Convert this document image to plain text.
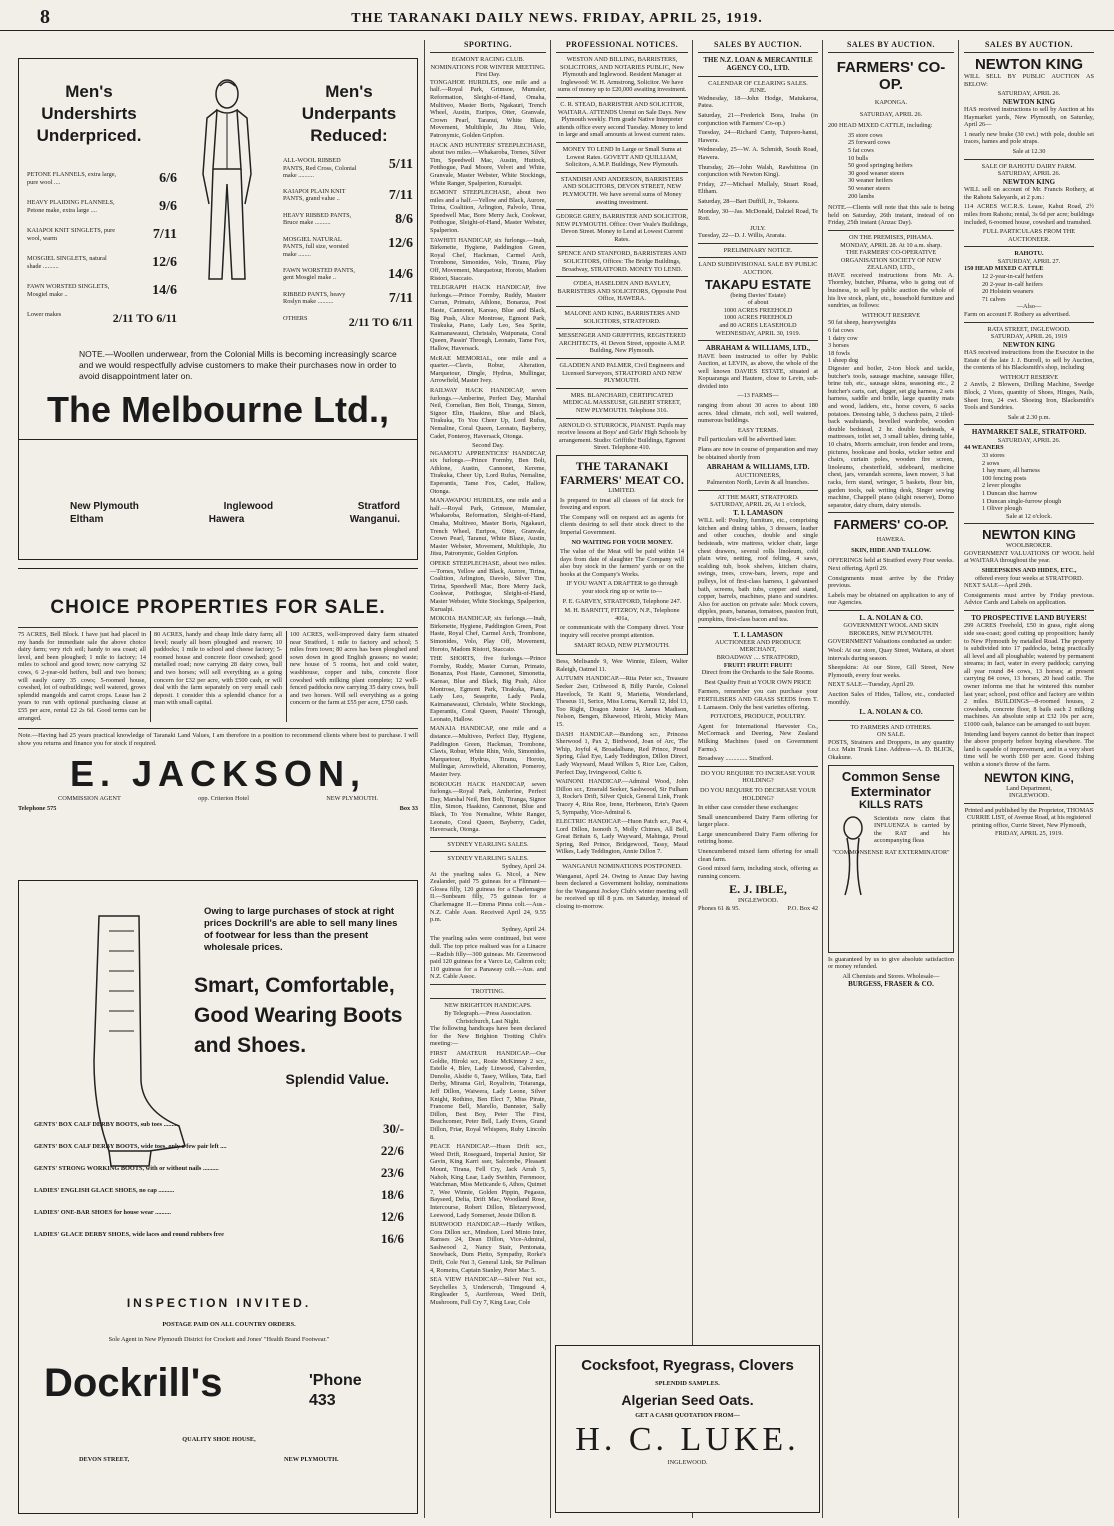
8	THE TARANAKI DAILY NEWS. FRIDAY, APRIL 25, 1919.
Men's Undershirts Underpriced.
Men's Underpants Reduced:
PETONE FLANNELS, extra large, pure wool ....	6/6
HEAVY PLAIDING FLANNELS, Petone make, extra large ....	9/6
KAIAPOI KNIT SINGLETS, pure wool, warm	7/11
MOSGIEL SINGLETS, natural shade ..........	12/6
FAWN WORSTED SINGLETS, Mosgiel make ..	14/6
Lower makes	2/11 TO 6/11
ALL-WOOL RIBBED PANTS, Red Cross, Colonial make ..........
5/11
KAIAPOI PLAIN KNIT PANTS, grand value ..	7/11
HEAVY RIBBED PANTS, Bruce make ..........	8/6
MOSGIEL NATURAL PANTS, full size, worsted make ........
12/6
FAWN WORSTED PANTS, gent Mosgiel make ..	14/6
RIBBED PANTS, heavy Roslyn make ..........	7/11
OTHERS	2/11 TO 6/11
NOTE.—Woollen underwear, from the Colonial Mills is becoming increasingly scarce and we would respectfully advise customers to make their purchases now in order to avoid disappointment later on.
The Melbourne Ltd.,
New Plymouth	Inglewood	Stratford
Eltham	Hawera	Wanganui.
CHOICE PROPERTIES FOR SALE.

75 ACRES, Bell Block. I have just had placed in my hands for immediate sale the above choice dairy farm; very rich soil; handy to sea coast; all level, and been ploughed; 1 mile to factory; 14 miles to school and good town; now carrying 32 cows, 6 2-year-old heifers, bull and two horses; will easily carry 35 cows; 5-roomed house, cowshed, lot of outbuildings; well watered, grows splendid mangolds and carrot crops. Lease has 2 years to run with optional purchasing clause at £55 per acre, rental £2 2s 6d. Good terms can be arranged.

80 ACRES, handy and cheap little dairy farm; all level; nearly all been ploughed and resown; 10 paddocks; 1 mile to school and cheese factory; 5-roomed house and concrete floor cowshed; good metalled road; now carrying 28 dairy cows, bull and two horses; will sell everything as a going concern for £32 per acre, with £500 cash, or will deal with the farm separately on very small cash deposit. I consider this a splendid chance for a man with small capital.

100 ACRES, well-improved dairy farm situated near Stratford, 1 mile to factory and school; 5 miles from town; 80 acres has been ploughed and sown down in good English grasses; no waste; new house of 5 rooms, hot and cold water, washhouse, copper and tubs, concrete floor cowshed with milking plant complete; 12 well-fenced paddocks now carrying 35 dairy cows, bull and two horses. Will sell everything as a going concern or the farm at £55 per acre, £750 cash.

Note.—Having had 25 years practical knowledge of Taranaki Land Values, I am therefore in a position to recommend clients where best to purchase. I will show you returns and finance you for stock if required.

E. JACKSON,
COMMISSION AGENT	opp. Criterion Hotel	NEW PLYMOUTH.
Telephone 575	Box 33
Owing to large purchases of stock at right prices Dockrill's are able to sell many lines of footwear for less than the present wholesale prices.
Smart, Comfortable, Good Wearing Boots and Shoes.
Splendid Value.
GENTS' BOX CALF DERBY BOOTS, sub toes ..........	30/-
GENTS' BOX CALF DERBY BOOTS, wide toes, only a few pair left ....	22/6
GENTS' STRONG WORKING BOOTS, with or without nails ..........	23/6
LADIES' ENGLISH GLACE SHOES, no cap ..........	18/6
LADIES' ONE-BAR SHOES for house wear ..........	12/6
LADIES' GLACE DERBY SHOES, wide laces and round rubbers free	16/6
INSPECTION INVITED.
POSTAGE PAID ON ALL COUNTRY ORDERS.
Sole Agent in New Plymouth District for Crockett and Jones' "Health Brand Footwear."
Dockrill's	'Phone 433
QUALITY SHOE HOUSE,
DEVON STREET,	NEW PLYMOUTH.
SPORTING.
EGMONT RACING CLUB.
NOMINATIONS FOR WINTER MEETING.
First Day.

TONGAHOE HURDLES, one mile and a half.—Royal Park, Grimsoe, Mumsler, Reformation, Sleight-of-Hand, Omaha, Multiveo, Master Boris, Ngakauri, Trench Wheel, Austin, Euripos, Otter, Granvale, Crown Pearl, Taranui, White Blaze, Movement, Multihiple, Jiu Jitsu, Velo, Patronymic, Golden Gripfon.

HACK AND HUNTERS' STEEPLECHASE, about two miles.—Whakaroba, Tornes, Silver Tim, Speedwell Mac, Austin, Huttock, Potthogue, Paul Moore, Velvet and White, Granvale, Master Webster, White Stockings, White Ranger, Spalperion, Kurualpi.

EGMONT STEEPLECHASE, about two miles and a half.—Yellow and Black, Aurore, Tirina, Coalition, Arlington, Palvolo, Tirua, Speedwell Mac, Bore Merry Jack, Cookwar, Potthogue, Sleight-of-Hand, Master Webster, Spalperion.

TAWHITI HANDICAP, six furlongs.—Inah, Birkenette, Hygiene, Paddington Green, Royal Chef, Hackman, Carmel Arch, Trombone, Simonides, Volo, Tiranu, Play Off, Movement, Marquetour, Horoto, Madom Ristori, Staccato.

TELEGRAPH HACK HANDICAP, five furlongs.—Prince Formby, Ruddy, Masterr Curran, Primato, Athlone, Bonanza, Post Haste, Cannonet, Kareao, Blue and Black, Big Push, Alice Montrose, Egmont Park, Tirakuka, Piano, Lady Leo, Sea Sprite, Kaimanawauui, Christalo, Waipunata, Coral Queen, Passin' Through, Leonato, Tame Fox, Hallow, Haversack.

McRAE MEMORIAL, one mile and a quarter.—Clavis, Robur, Alteration, Marquetour, Dingle, Hydrus, Mullingar, Arrowfield, Master Ivey.

RAILWAY HACK HANDICAP, seven furlongs.—Amberine, Perfect Day, Marshal Neil, Cornelian, Ben Bolt, Tiranga, Simon, Signor Elin, Haakino, Blue and Black, Tirakuka, To You Cheer Up, Lord Rufus, Nemaline, Coral Queen, Leonato, Bayberry, Cadet, Fonteroy, Haversack, Otonga.

Second Day.

NGAMOTU APPRENTICES' HANDICAP, six furlongs.—Prince Formby, Ben Bolt, Athlone, Austin, Cannonet, Kereme, Tirakuka, Cheer Up, Lord Rufus, Nemaline, Esperantis, Tame Fox, Cadet, Hallow, Otonga.

MANAWAPOU HURDLES, one mile and a half.—Royal Park, Grimsoe, Mumsler, Whakaroba, Reformation, Sleight-of-Hand, Omaha, Multiveo, Master Boris, Ngakauri, Trench Wheel, Euripos, Otter, Granvale, Crown Pearl, Taranui, White Blaze, Austin, Master Webster, Movement, Multihiple, Jiu Jitsu, Patronymic, Golden Gripfon.

OPEKE STEEPLECHASE, about two miles.—Tornes, Yellow and Black, Aurore, Tirina, Coalition, Arlington, Davolo, Silver Tim, Tirina, Speedwell Mac, Bore Merry Jack, Cookwar, Potthogue, Sleight-of-Hand, Master Webster, White Stockings, Spalperion, Kurualpi.

MOKOIA HANDICAP, six furlongs.—Inah, Birkenette, Hygiene, Paddington Green, Post Haste, Royal Chef, Carmel Arch, Trombone, Simonides, Volo, Play Off, Movement, Horoto, Madom Ristori, Staccato.

THE SHORTS, five furlongs.—Prince Formby, Ruddy, Master Curran, Primato, Bonanza, Post Haste, Cannonet, Simonetta, Kareao, Blue and Black, Big Push, Alice Montrose, Egmont Park, Tirakuka, Piano, Lady Leo, Seasprite, Lady Paula, Kaimanawauui, Christalo, White Stockings, Esperantis, Coral Queen, Passin' Through, Leonato, Hallow.

MANAIA HANDICAP, one mile and a distance.—Multiveo, Perfect Day, Hygiene, Paddington Green, Hackman, Trombone, Clavis, Robur, White Rhin, Volo, Simonides, Marquetour, Hydrus, Tiranu, Horoto, Mullingar, Arrowfield, Alteration, Pomeroy, Master Ivey.

BOROUGH HACK HANDICAP, seven furlongs.—Royal Park, Amberine, Perfect Day, Marshal Neil, Ben Bolt, Tiranga, Signor Elin, Simon, Haakino, Cannonet, Blue and Black, To You Nemaline, White Ranger, Leonato, Coral Queen, Bayberry, Cadet, Haversack, Otonga.

SYDNEY YEARLING SALES.
SYDNEY YEARLING SALES.
Sydney, April 24.

At the yearling sales G. Nicol, a New Zealander, paid 75 guineas for a Flinnant—Glosea filly, 120 guineas for a Charlemagne II.—Sunbeam filly, 75 guineas for a Charlemagne II.—Emma Pinna colt.—Aus.-N.Z. Cable Assn. Received April 24, 9.55 p.m.

Sydney, April 24.

The yearling sales were continued, but were dull. The top price realised was for a Linacre—Radish filly—300 guineas. Mr. Greenwood paid 120 guineas for a Varco Le, Caltron colt; 110 guineas for a Panaway colt.—Aus. and N.Z. Cable Assoc.

TROTTING.
NEW BRIGHTON HANDICAPS.
By Telegraph.—Press Association. Christchurch, Last Night.

The following handicaps have been declared for the New Brighton Trotting Club's meeting:—

FIRST AMATEUR HANDICAP.—Our Goldie, Hiroki scr., Rosie McKinney 2 scr., Estelle 4, Blev, Lady Linwood, Calverden, Dunolie, Alsidie 6, Tasey, Wilkes, Tata, Earl Derby, Mirama Girl, Royalivin, Totaranga, Jeff Dillon, Waiwera, Lady Leone, Silver Knight, Rothino, Ben Elect 7, Miss Pirate, Francene Bell, Marello, Bannster, Sally Dillon, Best Boy, Peter The First, Beachcomer, Peter Bell, Lady Evers, Grand Dillon, Friar, Royal Whispers, Ruby Lincoln 8.

PEACE HANDICAP.—Huon Drift scr., Weed Drift, Roseguard, Imperial Junior, Sir Gavin, King Karri sser, Salcombe, Pleasant Mount, Tirana, Fell Cry, Jack Arrah 5, Nahoh, King Lear, Lady Swithin, Fernmoor, Watchman, Miss Meticande 6, Athos, Quimet 7, Wee Winnie, Golden Pippin, Pegasus, Bayseed, Delta, Drift Mac, Woodland Rose, Intercourse, Robert Dillon, Bletzerywood, Leewood, Lady Somerset, Jessie Dillon 8.

BURWOOD HANDICAP.—Hardy Wilkes, Cora Dillon scr., Mindson, Lord Minto Inter, Ramses 24, Dean Dillon, Vice-Admiral, Sashwood 2, Nancy Stair, Pentonata, Snowback, Dum Pietto, Sympathy, Rorke's Drift, Cole Nut 3, General Link, Sir Pullman 4, Romeira, Captain Stanley, Peter Mac 5.

SEA VIEW HANDICAP.—Silver Nut scr., Seychelles 3, Underscrub, Timgound 4, Ringleader 5, Auriferous, Weed Drift, Mushroom, Full Cry 7, King Lear, Cole

PROFESSIONAL NOTICES.

WESTON AND BILLING, BARRISTERS, SOLICITORS, AND NOTARIES PUBLIC, New Plymouth and Inglewood. Resident Manager at Inglewood: W. H. Armstrong, Solicitor. We have sums of money up to £20,000 awaiting investment.

C. R. STEAD, BARRISTER AND SOLICITOR, WAITARA. ATTENDS Urenui on Sale Days. New Plymouth weekly. Firm grade Native Interpreter attends office every second Tuesday. Money to lend in large and small amounts at lowest current rates.

MONEY TO LEND In Large or Small Sums at Lowest Rates. GOVETT AND QUILLIAM, Solicitors, A.M.P. Buildings, New Plymouth.

STANDISH AND ANDERSON, BARRISTERS AND SOLICITORS, DEVON STREET, NEW PLYMOUTH. We have several sums of Money awaiting investment.

GEORGE GREY, BARRISTER AND SOLICITOR, NEW PLYMOUTH. Office: Over Veale's Buildings, Devon Street. Money to Lend at Lowest Current Rates.

SPENCE AND STANFORD, BARRISTERS AND SOLICITORS, Offices: The Bridge Buildings, Broadway, STRATFORD. MONEY TO LEND.

O'DEA, HASELDEN AND BAYLEY, BARRISTERS AND SOLICITORS, Opposite Post Office, HAWERA.

MALONE AND KING, BARRISTERS AND SOLICITORS, STRATFORD.

MESSENGER AND GRIFFITHS, REGISTERED ARCHITECTS, 41 Devon Street, opposite A.M.P. Building, New Plymouth.

GLADDEN AND PALMER, Civil Engineers and Licensed Surveyors, STRATFORD AND NEW PLYMOUTH.

MRS. BLANCHARD, CERTIFICATED MEDICAL MASSEUSE, GILBERT STREET, NEW PLYMOUTH. Telephone 316.

ARNOLD O. STURROCK, PIANIST. Pupils may receive lessons at Boys' and Girls' High Schools by arrangement. Studio: Griffiths' Buildings, Egmont Street. Telephone 410.

THE TARANAKI FARMERS' MEAT CO.

LIMITED.

Is prepared to treat all classes of fat stock for freezing and export.

The Company will on request act as agents for clients desiring to sell their stock direct to the Imperial Government.

NO WAITING FOR YOUR MONEY.

The value of the Meat will be paid within 14 days from date of slaughter The Company will also buy stock in the farmers' yards or on the hooks at the Company's Works.

IF YOU WANT A DRAFTER to go through your stock ring up or write to—

P. E. GARVEY, STRATFORD, Telephone 247.

M. H. BARNITT, FITZROY, N.P., Telephone 401a,

or communicate with the Company direct. Your inquiry will receive prompt attention.

SMART ROAD, NEW PLYMOUTH.

Bess, Melisande 9, Wee Winnie, Eileen, Walter Raleigh, Oatmel 11.

AUTUMN HANDICAP.—Rita Peter scr., Treasure Seeker 2ser, Crihwood 8, Billy Parole, Colonel Havelock, Te Kaiti 9, Marietta, Wonderland, Theseus 11, Serice, Miss Lorna, Kerrall 12, Idol 13, Too Right, Dragon Junior 14, James Madison, Nelson, Bengen, Bluewood, Hirohi, Micky Mars 15.

DASH HANDICAP.—Bundong scr., Princess Sherwood 1, Pax 2, Birdwood, Joan of Arc, The Whip, Joyful 4, Broadalbane, Red Prince, Proud Spring, Glad Eye, Lady Teddington, Dillon Direct, Lady Wayward, Maud Wilkes 5, Rice Lee, Calton, Perfect Day, Irvingwood, Celtic 6.

WAINONI HANDICAP.—Admiral Wood, John Dillon scr., Emerald Seeker, Sashwood, Sir Fulham 3, Rocke's Drift, Silver Quick, General Link, Frank Tracey 4, Rita Roe, Irene, Herbneon, Erin's Queen 5, Sympathy, Vice-Admiral 6.

ELECTRIC HANDICAP.—Huon Patch scr., Pax 4, Lord Dillon, Isonoth 5, Molly Chimes, All Bell, Great Britain 6, Lady Wayward, Mahinga, Proud Spring, Red Prince, Bridgewood, Tassy, Maud Wilkes, Lady Teddington, Annie Dillon 7.

WANGANUI NOMINATIONS POSTPONED.

Wanganui, April 24. Owing to Anzac Day having been declared a Government holiday, nominations for the Wanganui Jockey Club's winter meeting will be received up till 8 p.m. on Saturday, instead of closing to-morrow.

SALES BY AUCTION.
THE N.Z. LOAN & MERCANTILE AGENCY CO., LTD.
CALENDAR OF CLEARING SALES.
JUNE.

Wednesday, 18—John Hodge, Matukaroa, Patea.

Saturday, 21—Frederick Bora, Inaha (in conjunction with Farmers' Co-op.)

Tuesday, 24—Richard Canty, Tuiporo-hanui, Hawera.

Wednesday, 25—W. A. Schmidt, South Road, Hawera.

Thursday, 26—John Walsh, Rawhitiroa (in conjunction with Newton King).

Friday, 27—Michael Mullaly, Stuart Road, Eltham.

Saturday, 28—Bart Duffill, Jr., Tokaora.

Monday, 30—Jas. McDonald, Dalziel Road, Te Roti.

JULY.

Tuesday, 22—D. J. Willis, Ararata.

PRELIMINARY NOTICE.
LAND SUBDIVISIONAL SALE BY PUBLIC AUCTION.
TAKAPU ESTATE
(being Davies' Estate)
of about
1000 ACRES FREEHOLD
1000 ACRES FREEHOLD
and 80 ACRES LEASEHOLD
WEDNESDAY, APRIL 30, 1919.
ABRAHAM & WILLIAMS, LTD.,

HAVE been instructed to offer by Public Auction, at LEVIN, as above, the whole of the well known DAVIES ESTATE, situated at Kopuaranga and Hautere, close to Levin, sub-divided into

—13 FARMS—

ranging from about 30 acres to about 180 acres. Ideal climate, rich soil, well watered, numerous buildings.

EASY TERMS.

Full particulars will be advertised later.

Plans are now in course of preparation and may be obtained shortly from

ABRAHAM & WILLIAMS, LTD.
AUCTIONEERS,
Palmerston North, Levin & all branches.
AT THE MART, STRATFORD.
SATURDAY, APRIL 26, At 1 o'clock,
T. I. LAMASON

WILL sell: Poultry, furniture, etc., comprising kitchen and dining tables, 3 dressers, leather and other couches, double and single bedsteads, wire mattress, wicker chair, large chest drawers, several rolls linoleum, cold plain wire, netting, roof felting, 4 saws, scalding tub, book shelves, kitchen chairs, swings, trees, crow-bars, levers, rope and pulleys, lot of first-class harness, 1 galvanised bath, screens, bath tubs, copper and stand, copper, barrels, machines, piano and sundries. Also for auction on private sale: Mock covers, dipples, pears, bananas, tomatoes, passion fruit, pumpkins, first-class bacon and tea.

T. I. LAMASON
AUCTIONEER AND PRODUCE MERCHANT,
BROADWAY .... STRATFORD,
FRUIT! FRUIT! FRUIT!

Direct from the Orchards to the Sale Rooms.

Best Quality Fruit at YOUR OWN PRICE

Farmers, remember you can purchase your FERTILISERS AND GRASS SEEDS from T. I. Lamason. Only the best varieties offering.

POTATOES, PRODUCE, POULTRY.

Agent for International Harvester Co., McCormack and Deering, New Zealand Milking Machines (used on Government Farms).

Broadway .............. Stratford.

DO YOU REQUIRE TO INCREASE YOUR HOLDING?

DO YOU REQUIRE TO DECREASE YOUR HOLDING?

In either case consider these exchanges:

Small unencumbered Dairy Farm offering for larger place.

Large unencumbered Dairy Farm offering for retiring home.

Unencumbered mixed farm offering for small clean farm.

Good mixed farm, including stock, offering as running concern.

E. J. IBLE,
INGLEWOOD.
Phones 61 & 95.	P.O. Box 42
Cocksfoot, Ryegrass, Clovers
SPLENDID SAMPLES.
Algerian Seed Oats.
GET A CASH QUOTATION FROM—
H. C. LUKE.
INGLEWOOD.
SALES BY AUCTION.
FARMERS' CO-OP.
KAPONGA.
SATURDAY, APRIL 26.

200 HEAD MIXED CATTLE, including:

35 store cows
25 forward cows
5 fat cows
10 bulls
50 good springing heifers
30 good weaner steers
30 weaner heifers
50 weaner steers
200 lambs

NOTE.—Clients will note that this sale is being held on Saturday, 26th instant, instead of on Friday, 25th instant (Anzac Day).

ON THE PREMISES, PIHAMA.
MONDAY, APRIL 28. At 10 a.m. sharp.
THE FARMERS' CO-OPERATIVE ORGANISATION SOCIETY OF NEW ZEALAND, LTD.,

HAVE received instructions from Mr. A. Thornley, butcher, Pihama, who is going out of business, to sell by public auction the whole of his live stock, plant, etc., household furniture and sundries, as follows:

WITHOUT RESERVE
50 fat sheep, heavyweights
6 fat cows
1 dairy cow
3 horses
18 fowls
1 sheep dog

Digester and boiler, 2-ton block and tackle, butcher's tools, sausage machine, sausage filler, brine tub, etc., sausage skins, seasoning etc., 2 butcher's carts, cart, digger, set gig harness, 2 sets harness, saddle and bridle, large quantity mats and wood, ladders, etc., horse covers, 6 sacks potatoes. Dressing table, 3 duchess pairs, 2 tiled-back washstands, bevelled wardrobe, wooden double bedstead, 2 hr. double bedsteads, 4 mattresses, toilet set, 3 small tables, dining table, 10 chairs, Morris armchair, iron fender and irons, pictures, bookcase and books, wicker settee and chairs, curtain poles, wooden fire screen, linoleums, chesterfield, sideboard, medicine chest, jars, verandah screens, lawn mower, 3 hat racks, fern stand, wringer, 5 baskets, flour bin, garden tools, oak writing desk, Singer sewing machine, Chappell piano (slight reserve), Domo separator, dairy churn, dairy utensils.

FARMERS' CO-OP.
HAWERA.
SKIN, HIDE AND TALLOW.

OFFERINGS held at Stratford every Four weeks. Next offering, April 29.

Consignments must arrive by the Friday previous.

Labels may be obtained on application to any of our Agencies.

L. A. NOLAN & CO.
GOVERNMENT WOOL AND SKIN BROKERS, NEW PLYMOUTH.

GOVERNMENT Valuations conducted as under:

Wool: At our store, Quay Street, Waitara, at short intervals during season.

Sheepskins: At our Store, Gill Street, New Plymouth, every four weeks.

NEXT SALE—Tuesday, April 29.

Auction Sales of Hides, Tallow, etc., conducted monthly.

L. A. NOLAN & CO.
TO FARMERS AND OTHERS.
ON SALE.

POSTS, Strainers and Droppers, in any quantity f.o.r. Main Trunk Line. Address—A. D. BLICK, Okakune.

Common Sense Exterminator
KILLS RATS

Scientists now claim that INFLUENZA is carried by the RAT and his accompanying fleas

"COMMONSENSE RAT EXTERMINATOR"

Is guaranteed by us to give absolute satisfaction or money refunded.

All Chemists and Stores. Wholesale—
BURGESS, FRASER & CO.
SALES BY AUCTION.
NEWTON KING

WILL SELL BY PUBLIC AUCTION AS BELOW:

SATURDAY, APRIL 26.
NEWTON KING

HAS received instructions to sell by Auction at his Haymarket yards, New Plymouth, on Saturday, April 26—

1 nearly new brake (30 cwt.) with pole, double set traces, hames and pole straps.

Sale at 12.30
SALE OF RAHOTU DAIRY FARM.
SATURDAY, APRIL 26.
NEWTON KING

WILL sell on account of Mr. Francis Rothery, at the Rahotu Saleyards, at 2 p.m.:

114 ACRES W.C.R.S. Lease, Kahui Road, 2½ miles from Rahotu; rental, 3s 6d per acre; buildings included, 6-roomed house, cowshed and tramshed.

FULL PARTICULARS FROM THE AUCTIONEER.
RAHOTU.
SATURDAY, APRIL 27.
150 HEAD MIXED CATTLE
12 2-year-in-calf heifers
20 2-year in-calf heifers
20 Holstein weaners
71 calves
—Also—
Farm on account F. Rothery as advertised.
RATA STREET, INGLEWOOD.
SATURDAY, APRIL 26, 1919
NEWTON KING

HAS received instructions from the Executor in the Estate of the late J. J. Burrell, to sell by Auction, the contents of his Blacksmith's shop, including

WITHOUT RESERVE

2 Anvils, 2 Blowers, Drilling Machine, Swedge Block, 2 Vices, quantity of Shoes, Hinges, Nails, Sheet Iron, 24 cwt. Shoeing Iron, Blacksmith's Tools and Sundries.

Sale at 2.30 p.m.
HAYMARKET SALE, STRATFORD.
SATURDAY, APRIL 26.
44 WEANERS
33 stores
2 sows
1 hay mare, all harness
100 fencing posts
2 lever ploughs
1 Duncan disc harrow
1 Duncan single-furrow plough
1 Oliver plough
Sale at 12 o'clock.
NEWTON KING
WOOLBROKER.

GOVERNMENT VALUATIONS OF WOOL held at WAITARA throughout the year.

SHEEPSKINS AND HIDES, ETC.,
offered every four weeks at STRATFORD.

NEXT SALE—April 29th.

Consignments must arrive by Friday previous. Advice Cards and Labels on application.

TO PROSPECTIVE LAND BUYERS!

299 ACRES Freehold, £50 in grass, right along side sea-coast; good cutting up proposition; handy to New Plymouth by metalled Road. The property is subdivided into 17 paddocks, being practically all level and all ploughable; watered by permanent streams; in fact, water in every paddock; carrying all year round 84 cows, 13 horses; at present carrying 84 cows, 13 horses, 20 head cattle. The owner informs me that he wintered this number last year; school, post office and factory are within 2 miles. BUILDINGS—8-roomed houses, 2 cowsheds, concrete floor, 8 bails each 2 milking machines. An absolute snip at £32 10s per acre, £1000 cash, balance can be arranged to suit buyer.

Intending land buyers cannot do better than inspect the above property before buying elsewhere. The land is capable of improvement, and in a very short time will be worth £60 per acre. Good fishing within a stone's throw of the farm.

NEWTON KING,
Land Department,
INGLEWOOD.

Printed and published by the Proprietor, THOMAS CURRIE LIST, of Avenue Road, at his registered printing office, Currie Street, New Plymouth, FRIDAY, APRIL 25, 1919.
